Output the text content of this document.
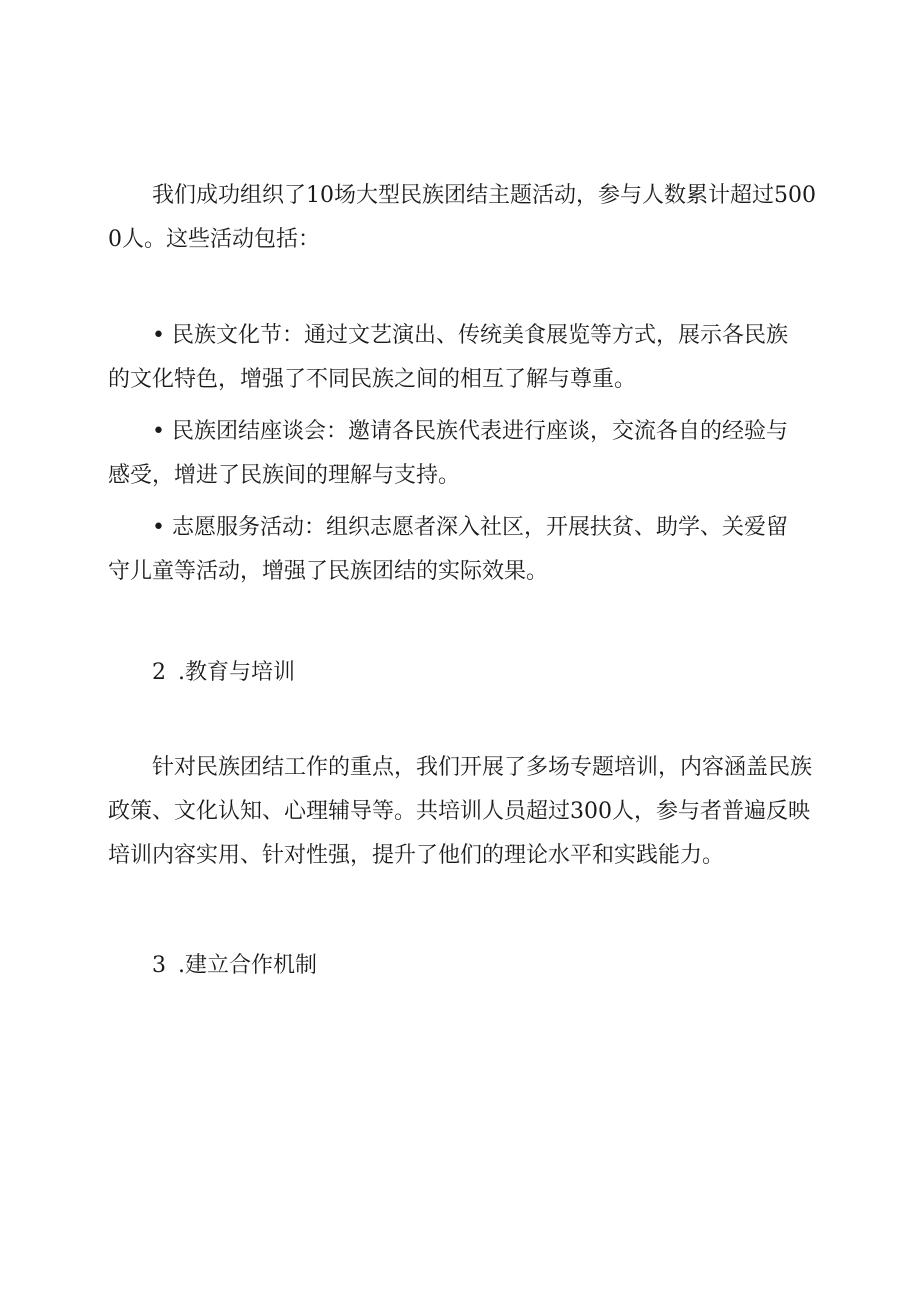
我们成功组织了10场大型民族团结主题活动，参与人数累计超过5000人。这些活动包括：

• 民族文化节：通过文艺演出、传统美食展览等方式，展示各民族的文化特色，增强了不同民族之间的相互了解与尊重。

• 民族团结座谈会：邀请各民族代表进行座谈，交流各自的经验与感受，增进了民族间的理解与支持。

• 志愿服务活动：组织志愿者深入社区，开展扶贫、助学、关爱留守儿童等活动，增强了民族团结的实际效果。

2 .教育与培训

针对民族团结工作的重点，我们开展了多场专题培训，内容涵盖民族政策、文化认知、心理辅导等。共培训人员超过300人，参与者普遍反映培训内容实用、针对性强，提升了他们的理论水平和实践能力。

3 .建立合作机制
